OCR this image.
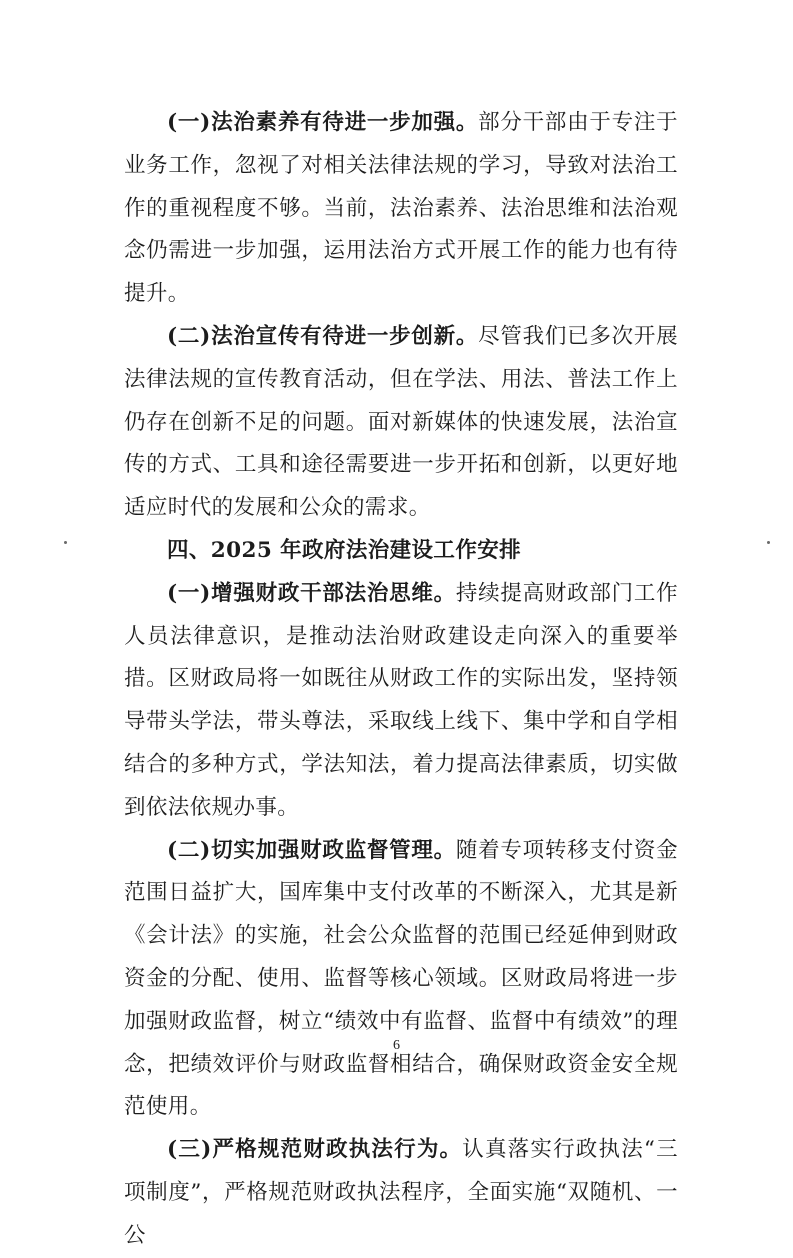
(一)法治素养有待进一步加强。部分干部由于专注于业务工作，忽视了对相关法律法规的学习，导致对法治工作的重视程度不够。当前，法治素养、法治思维和法治观念仍需进一步加强，运用法治方式开展工作的能力也有待提升。

(二)法治宣传有待进一步创新。尽管我们已多次开展法律法规的宣传教育活动，但在学法、用法、普法工作上仍存在创新不足的问题。面对新媒体的快速发展，法治宣传的方式、工具和途径需要进一步开拓和创新，以更好地适应时代的发展和公众的需求。

四、2025 年政府法治建设工作安排

(一)增强财政干部法治思维。持续提高财政部门工作人员法律意识，是推动法治财政建设走向深入的重要举措。区财政局将一如既往从财政工作的实际出发，坚持领导带头学法，带头尊法，采取线上线下、集中学和自学相结合的多种方式，学法知法，着力提高法律素质，切实做到依法依规办事。

(二)切实加强财政监督管理。随着专项转移支付资金范围日益扩大，国库集中支付改革的不断深入，尤其是新《会计法》的实施，社会公众监督的范围已经延伸到财政资金的分配、使用、监督等核心领域。区财政局将进一步加强财政监督，树立“绩效中有监督、监督中有绩效”的理念，把绩效评价与财政监督相结合，确保财政资金安全规范使用。

(三)严格规范财政执法行为。认真落实行政执法“三项制度”，严格规范财政执法程序，全面实施“双随机、一公

6
